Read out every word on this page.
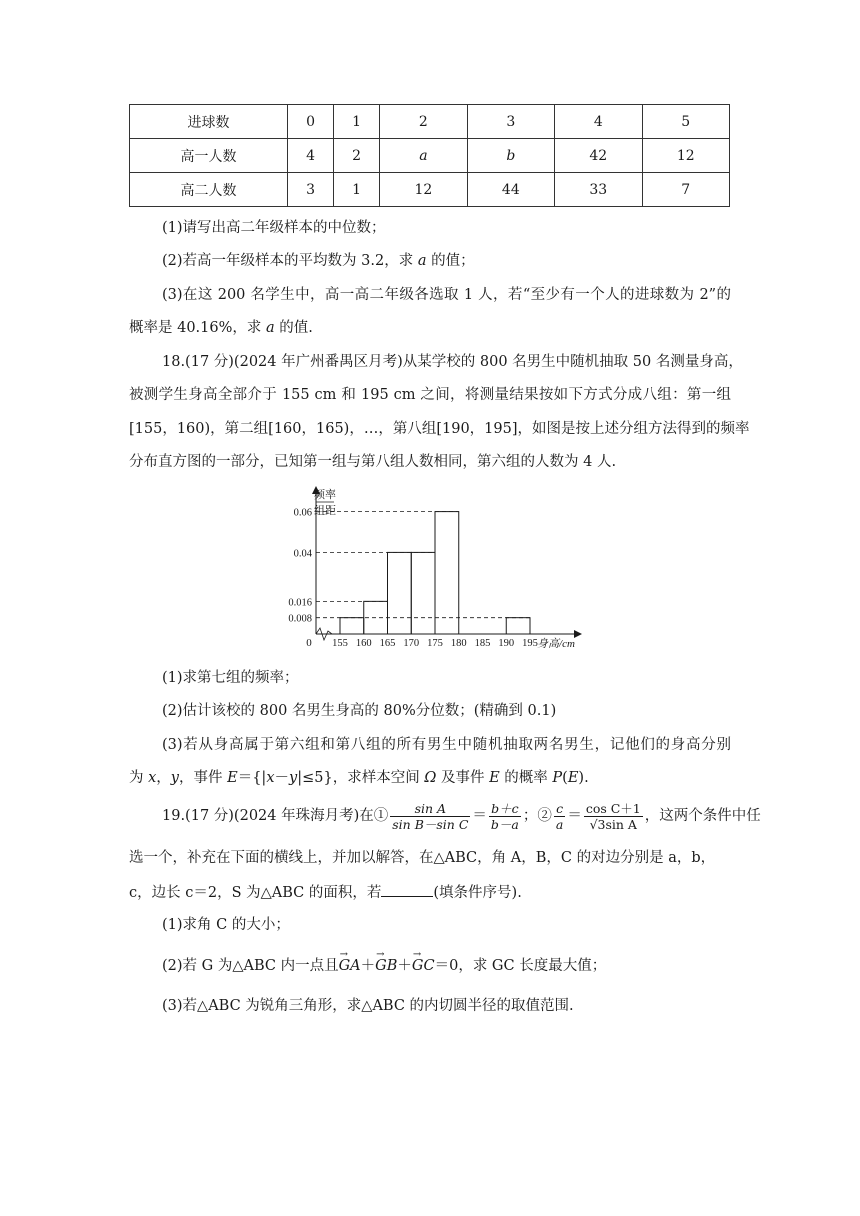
进球数	0	1	2	3	4	5
高一人数	4	2	a	b	42	12
高二人数	3	1	12	44	33	7
(1)请写出高二年级样本的中位数；
(2)若高一年级样本的平均数为 3.2，求 a 的值；
(3)在这 200 名学生中，高一高二年级各选取 1 人，若“至少有一个人的进球数为 2”的
概率是 40.16%，求 a 的值.
18.(17 分)(2024 年广州番禺区月考)从某学校的 800 名男生中随机抽取 50 名测量身高，
被测学生身高全部介于 155 cm 和 195 cm 之间，将测量结果按如下方式分成八组：第一组
[155，160)，第二组[160，165)，…，第八组[190，195]，如图是按上述分组方法得到的频率
分布直方图的一部分，已知第一组与第八组人数相同，第六组的人数为 4 人.
155 160 165 170 175 180 185 190 195
0.06
0.04
0.016
0.008
频率
组距
身高/cm
0
(1)求第七组的频率；
(2)估计该校的 800 名男生身高的 80%分位数；(精确到 0.1)
(3)若从身高属于第六组和第八组的所有男生中随机抽取两名男生，记他们的身高分别
为 x，y，事件 E＝{|x－y|≤5}，求样本空间 Ω 及事件 E 的概率 P(E).
19.(17 分)(2024 年珠海月考)在① $\frac{\text{sin A}}{\text{sin B－sin C}} = \frac{b+c}{b-a}$ ；② $\frac{c}{a} = \frac{\text{cos C＋1}}{\text{√3sin A}}$ ，这两个条件中任
选一个，补充在下面的横线上，并加以解答，在△ABC，角 A，B，C 的对边分别是 a，b，
c，边长 c＝2，S 为△ABC 的面积，若	(填条件序号).
(1)求角 C 的大小；
(2)若 G 为△ABC 内一点且→ GA＋→ GB＋→ GC＝0，求 GC 长度最大值；
(3)若△ABC 为锐角三角形，求△ABC 的内切圆半径的取值范围.
